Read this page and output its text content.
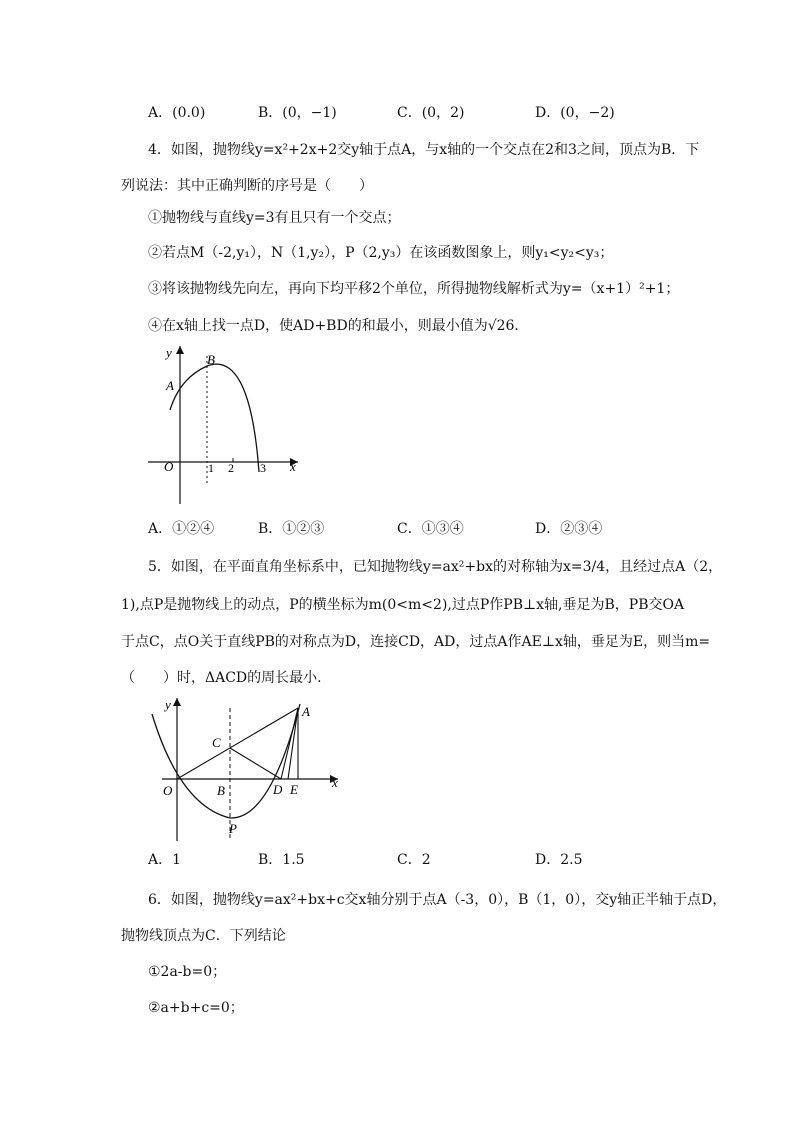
A．(0.0)	B．(0，−1)	C．(0，2)	D．(0，−2)
4．如图，抛物线y=x²+2x+2交y轴于点A，与x轴的一个交点在2和3之间，顶点为B．下
列说法：其中正确判断的序号是（　　）
①抛物线与直线y=3有且只有一个交点；
②若点M（-2,y₁），N（1,y₂），P（2,y₃）在该函数图象上，则y₁<y₂<y₃；
③将该抛物线先向左，再向下均平移2个单位，所得抛物线解析式为y=（x+1）²+1；
④在x轴上找一点D，使AD+BD的和最小，则最小值为√26．
y	B
A
O	1 2 3 x
A．①②④	B．①②③	C．①③④	D．②③④
5．如图，在平面直角坐标系中，已知抛物线y=ax²+bx的对称轴为x=3/4，且经过点A（2，
1),点P是抛物线上的动点，P的横坐标为m(0<m<2),过点P作PB⊥x轴,垂足为B，PB交OA
于点C，点O关于直线PB的对称点为D，连接CD，AD，过点A作AE⊥x轴，垂足为E，则当m=
（　　）时，ΔACD的周长最小.
y	A
C
O	B	D E	x
P
A．1	B．1.5	C．2	D．2.5
6．如图，抛物线y=ax²+bx+c交x轴分别于点A（-3，0），B（1，0），交y轴正半轴于点D，
抛物线顶点为C．下列结论
①2a-b=0；
②a+b+c=0；
